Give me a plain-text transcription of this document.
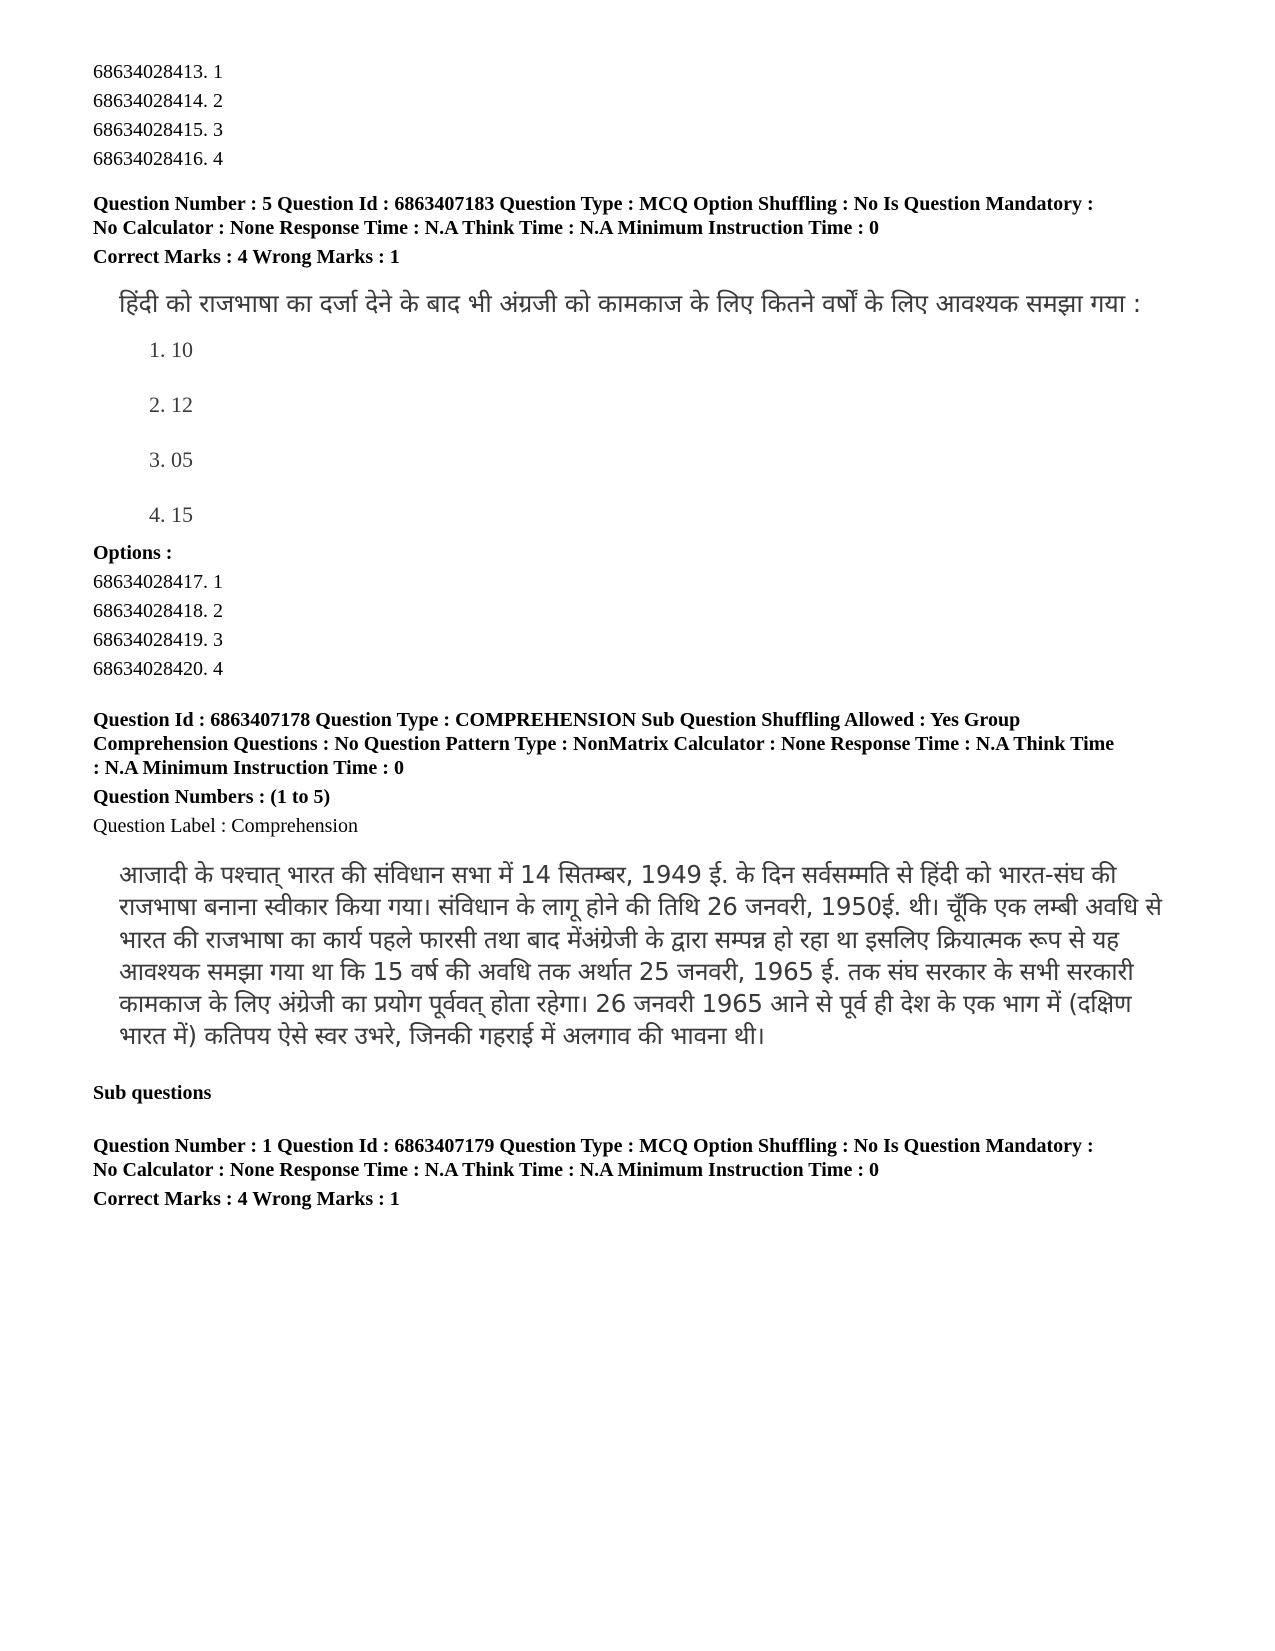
68634028413. 1

68634028414. 2

68634028415. 3

68634028416. 4

Question Number : 5 Question Id : 6863407183 Question Type : MCQ Option Shuffling : No Is Question Mandatory :

No Calculator : None Response Time : N.A Think Time : N.A Minimum Instruction Time : 0

Correct Marks : 4 Wrong Marks : 1

हिंदी को राजभाषा का दर्जा देने के बाद भी अंग्रजी को कामकाज के लिए कितने वर्षों के लिए आवश्यक समझा गया :

1. 10

2. 12

3. 05

4. 15

Options :

68634028417. 1

68634028418. 2

68634028419. 3

68634028420. 4

Question Id : 6863407178 Question Type : COMPREHENSION Sub Question Shuffling Allowed : Yes Group

Comprehension Questions : No Question Pattern Type : NonMatrix Calculator : None Response Time : N.A Think Time

: N.A Minimum Instruction Time : 0

Question Numbers : (1 to 5)

Question Label : Comprehension

आजादी के पश्चात् भारत की संविधान सभा में 14 सितम्बर, 1949 ई. के दिन सर्वसम्मति से हिंदी को भारत-संघ की
राजभाषा बनाना स्वीकार किया गया। संविधान के लागू होने की तिथि 26 जनवरी, 1950ई. थी। चूँकि एक लम्बी अवधि से
भारत की राजभाषा का कार्य पहले फारसी तथा बाद मेंअंग्रेजी के द्वारा सम्पन्न हो रहा था इसलिए क्रियात्मक रूप से यह
आवश्यक समझा गया था कि 15 वर्ष की अवधि तक अर्थात 25 जनवरी, 1965 ई. तक संघ सरकार के सभी सरकारी
कामकाज के लिए अंग्रेजी का प्रयोग पूर्ववत् होता रहेगा। 26 जनवरी 1965 आने से पूर्व ही देश के एक भाग में (दक्षिण
भारत में) कतिपय ऐसे स्वर उभरे, जिनकी गहराई में अलगाव की भावना थी।

Sub questions

Question Number : 1 Question Id : 6863407179 Question Type : MCQ Option Shuffling : No Is Question Mandatory :

No Calculator : None Response Time : N.A Think Time : N.A Minimum Instruction Time : 0

Correct Marks : 4 Wrong Marks : 1
